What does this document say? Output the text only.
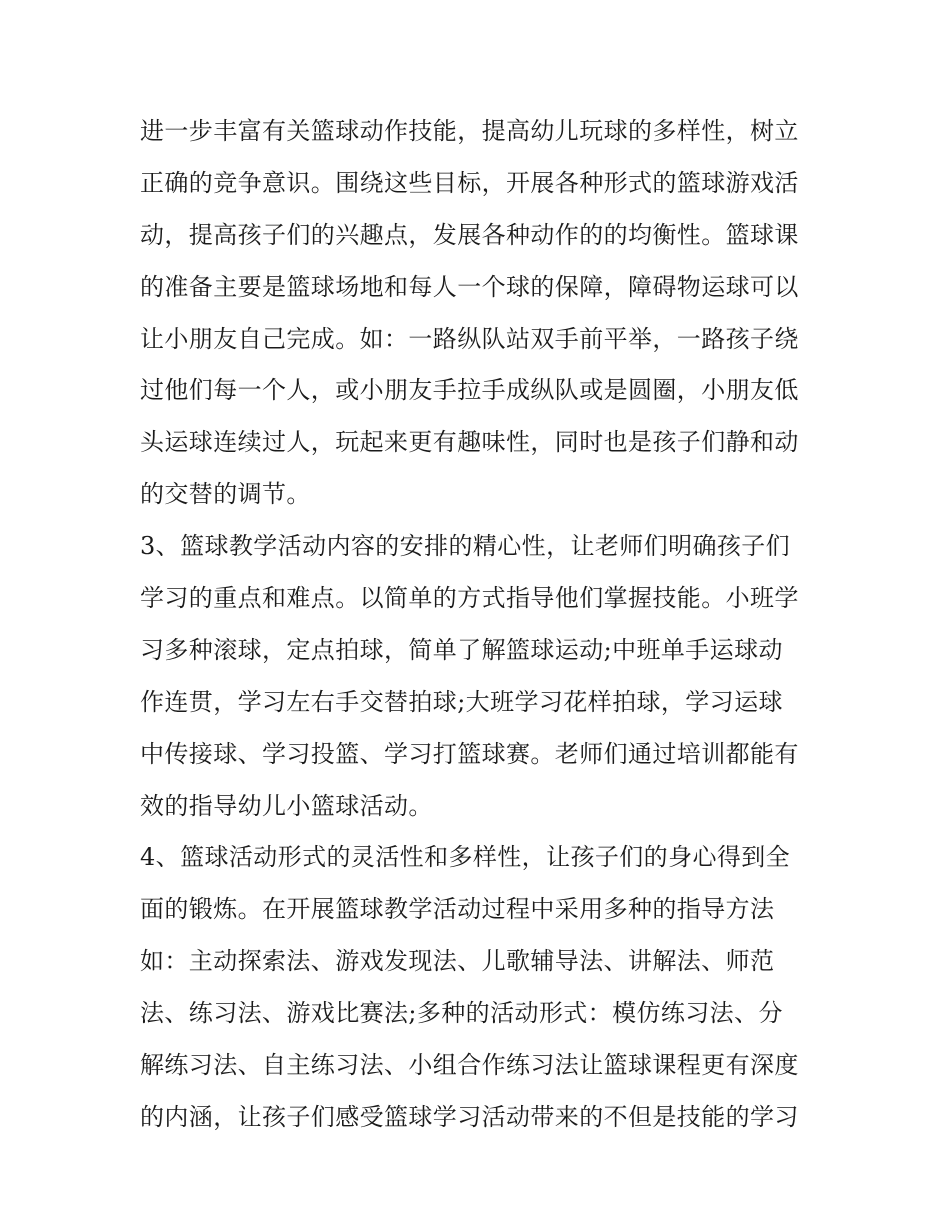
进一步丰富有关篮球动作技能，提高幼儿玩球的多样性，树立
正确的竞争意识。围绕这些目标，开展各种形式的篮球游戏活
动，提高孩子们的兴趣点，发展各种动作的的均衡性。篮球课
的准备主要是篮球场地和每人一个球的保障，障碍物运球可以
让小朋友自己完成。如：一路纵队站双手前平举，一路孩子绕
过他们每一个人，或小朋友手拉手成纵队或是圆圈，小朋友低
头运球连续过人，玩起来更有趣味性，同时也是孩子们静和动
的交替的调节。
3、篮球教学活动内容的安排的精心性，让老师们明确孩子们
学习的重点和难点。以简单的方式指导他们掌握技能。小班学
习多种滚球，定点拍球，简单了解篮球运动;中班单手运球动
作连贯，学习左右手交替拍球;大班学习花样拍球，学习运球
中传接球、学习投篮、学习打篮球赛。老师们通过培训都能有
效的指导幼儿小篮球活动。
4、篮球活动形式的灵活性和多样性，让孩子们的身心得到全
面的锻炼。在开展篮球教学活动过程中采用多种的指导方法
如：主动探索法、游戏发现法、儿歌辅导法、讲解法、师范
法、练习法、游戏比赛法;多种的活动形式：模仿练习法、分
解练习法、自主练习法、小组合作练习法让篮球课程更有深度
的内涵，让孩子们感受篮球学习活动带来的不但是技能的学习
